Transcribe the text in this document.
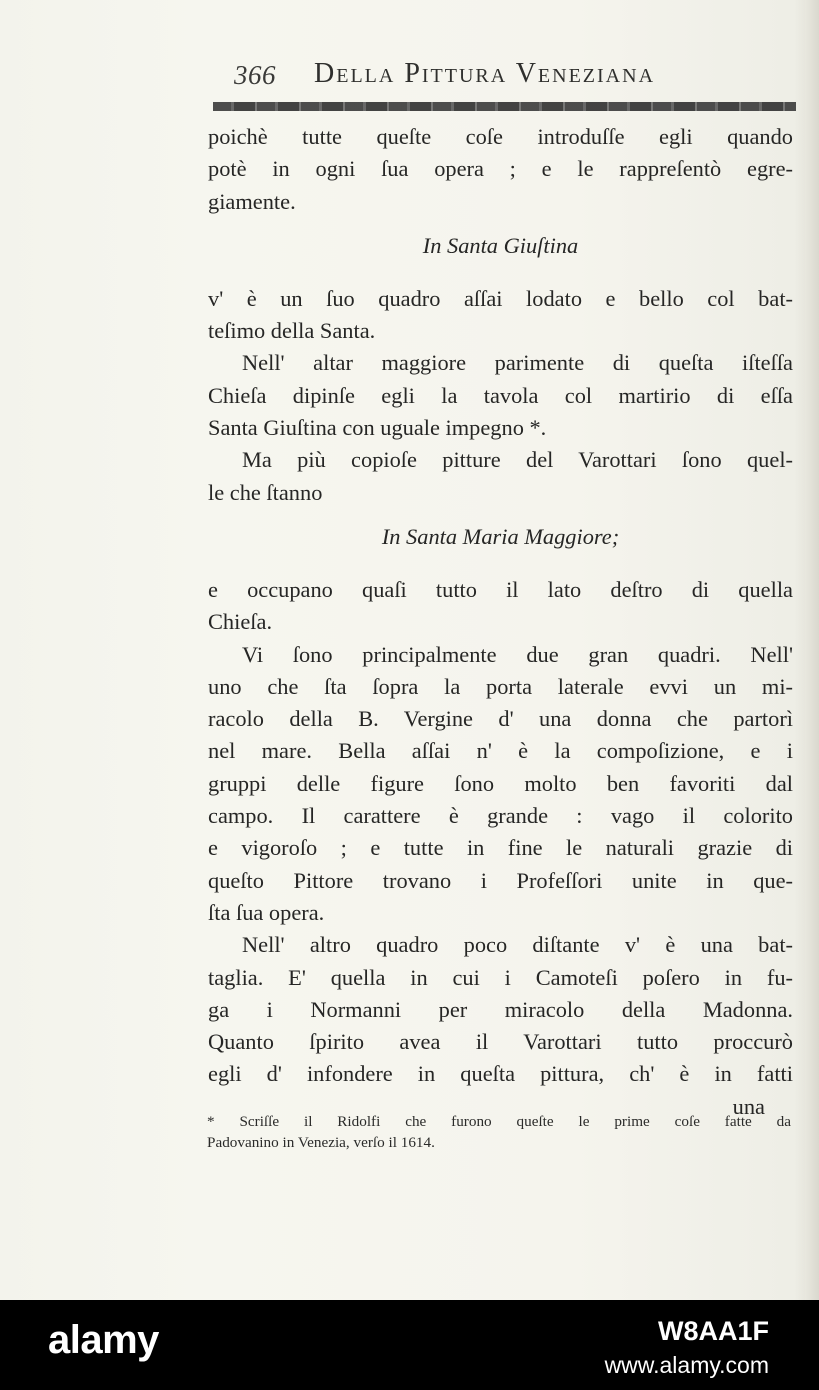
366 Della Pittura Veneziana
poichè tutte queſte coſe introduſſe egli quando
potè in ogni ſua opera ; e le rappreſentò egre-
giamente.
In Santa Giuſtina
v' è un ſuo quadro aſſai lodato e bello col bat-
teſimo della Santa.
Nell' altar maggiore parimente di queſta iſteſſa
Chieſa dipinſe egli la tavola col martirio di eſſa
Santa Giuſtina con uguale impegno *.
Ma più copioſe pitture del Varottari ſono quel-
le che ſtanno
In Santa Maria Maggiore;
e occupano quaſi tutto il lato deſtro di quella
Chieſa.
Vi ſono principalmente due gran quadri. Nell'
uno che ſta ſopra la porta laterale evvi un mi-
racolo della B. Vergine d' una donna che partorì
nel mare. Bella aſſai n' è la compoſizione, e i
gruppi delle figure ſono molto ben favoriti dal
campo. Il carattere è grande : vago il colorito
e vigoroſo ; e tutte in fine le naturali grazie di
queſto Pittore trovano i Profeſſori unite in que-
ſta ſua opera.
Nell' altro quadro poco diſtante v' è una bat-
taglia. E' quella in cui i Camoteſi poſero in fu-
ga i Normanni per miracolo della Madonna.
Quanto ſpirito avea il Varottari tutto proccurò
egli d' infondere in queſta pittura, ch' è in fatti
una
* Scriſſe il Ridolfi che furono queſte le prime coſe fatte da
Padovanino in Venezia, verſo il 1614.
alamy	W8AA1F
www.alamy.com
